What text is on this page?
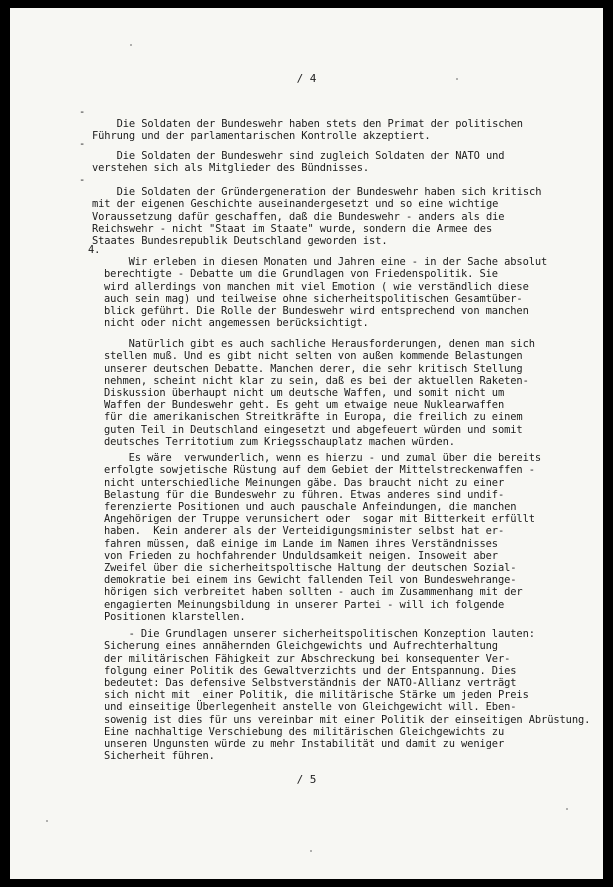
/ 4

-
Die Soldaten der Bundeswehr haben stets den Primat der politischen
Führung und der parlamentarischen Kontrolle akzeptiert.

-
Die Soldaten der Bundeswehr sind zugleich Soldaten der NATO und
verstehen sich als Mitglieder des Bündnisses.

-
Die Soldaten der Gründergeneration der Bundeswehr haben sich kritisch
mit der eigenen Geschichte auseinandergesetzt und so eine wichtige
Voraussetzung dafür geschaffen, daß die Bundeswehr - anders als die
Reichswehr - nicht "Staat im Staate" wurde, sondern die Armee des
Staates Bundesrepublik Deutschland geworden ist.

4.
Wir erleben in diesen Monaten und Jahren eine - in der Sache absolut
berechtigte - Debatte um die Grundlagen von Friedenspolitik. Sie
wird allerdings von manchen mit viel Emotion ( wie verständlich diese
auch sein mag) und teilweise ohne sicherheitspolitischen Gesamtüber-
blick geführt. Die Rolle der Bundeswehr wird entsprechend von manchen
nicht oder nicht angemessen berücksichtigt.

Natürlich gibt es auch sachliche Herausforderungen, denen man sich
stellen muß. Und es gibt nicht selten von außen kommende Belastungen
unserer deutschen Debatte. Manchen derer, die sehr kritisch Stellung
nehmen, scheint nicht klar zu sein, daß es bei der aktuellen Raketen-
Diskussion überhaupt nicht um deutsche Waffen, und somit nicht um
Waffen der Bundeswehr geht. Es geht um etwaige neue Nuklearwaffen
für die amerikanischen Streitkräfte in Europa, die freilich zu einem
guten Teil in Deutschland eingesetzt und abgefeuert würden und somit
deutsches Territotium zum Kriegsschauplatz machen würden.

Es wäre  verwunderlich, wenn es hierzu - und zumal über die bereits
erfolgte sowjetische Rüstung auf dem Gebiet der Mittelstreckenwaffen -
nicht unterschiedliche Meinungen gäbe. Das braucht nicht zu einer
Belastung für die Bundeswehr zu führen. Etwas anderes sind undif-
ferenzierte Positionen und auch pauschale Anfeindungen, die manchen
Angehörigen der Truppe verunsichert oder  sogar mit Bitterkeit erfüllt
haben.  Kein anderer als der Verteidigungsminister selbst hat er-
fahren müssen, daß einige im Lande im Namen ihres Verständnisses
von Frieden zu hochfahrender Unduldsamkeit neigen. Insoweit aber
Zweifel über die sicherheitspoltische Haltung der deutschen Sozial-
demokratie bei einem ins Gewicht fallenden Teil von Bundeswehrange-
hörigen sich verbreitet haben sollten - auch im Zusammenhang mit der
engagierten Meinungsbildung in unserer Partei - will ich folgende
Positionen klarstellen.

- Die Grundlagen unserer sicherheitspolitischen Konzeption lauten:
Sicherung eines annähernden Gleichgewichts und Aufrechterhaltung
der militärischen Fähigkeit zur Abschreckung bei konsequenter Ver-
folgung einer Politik des Gewaltverzichts und der Entspannung. Dies
bedeutet: Das defensive Selbstverständnis der NATO-Allianz verträgt
sich nicht mit  einer Politik, die militärische Stärke um jeden Preis
und einseitige Überlegenheit anstelle von Gleichgewicht will. Eben-
sowenig ist dies für uns vereinbar mit einer Politik der einseitigen Abrüstung.
Eine nachhaltige Verschiebung des militärischen Gleichgewichts zu
unseren Ungunsten würde zu mehr Instabilität und damit zu weniger
Sicherheit führen.

/ 5
